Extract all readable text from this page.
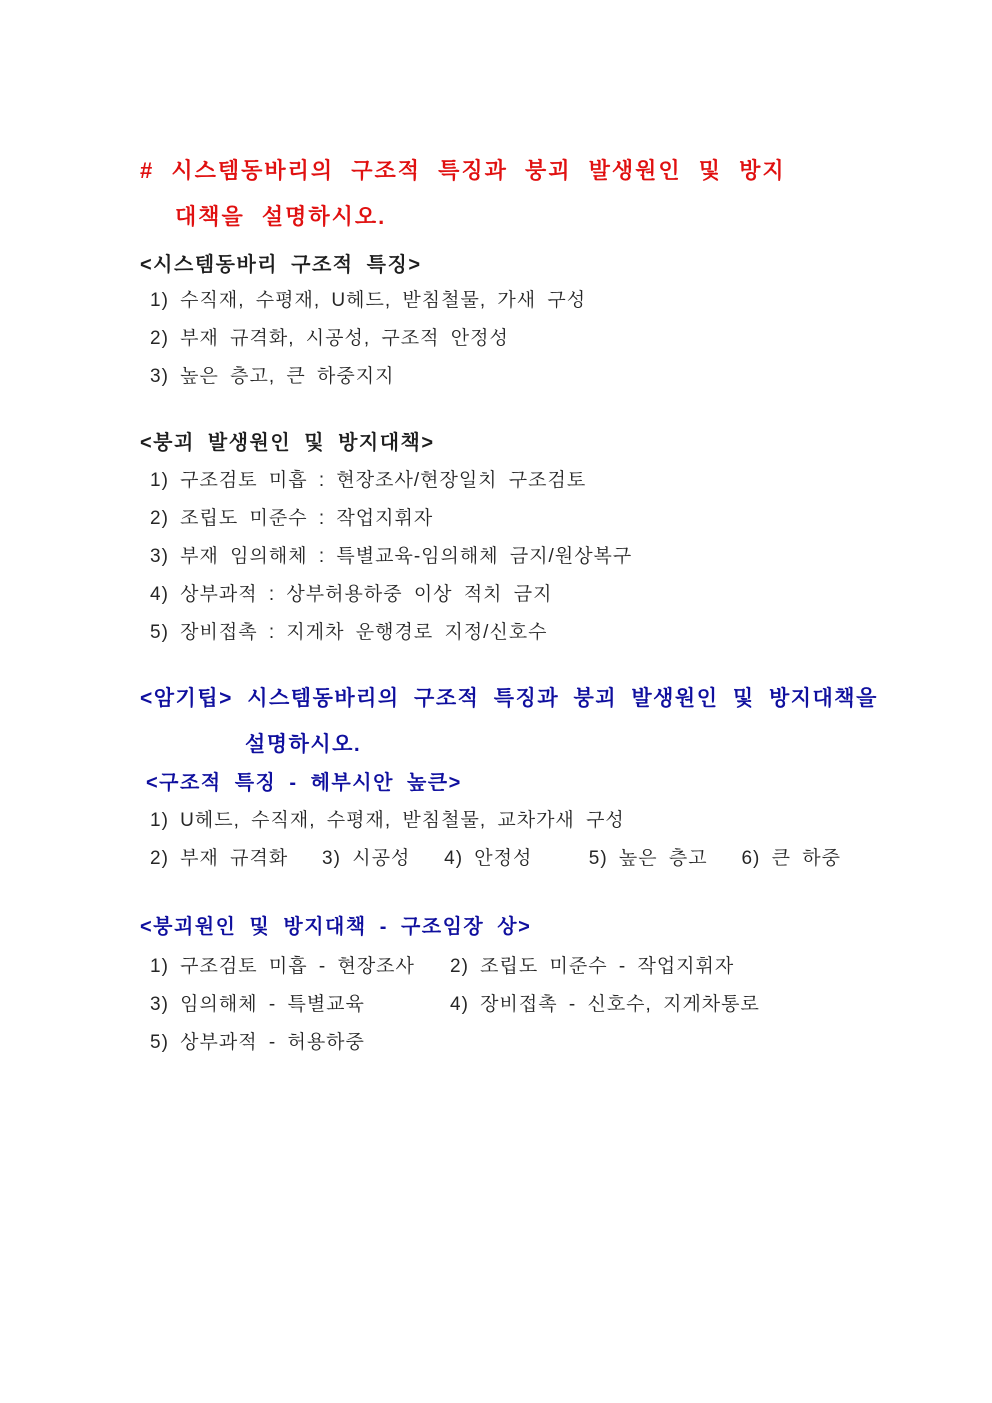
# 시스템동바리의 구조적 특징과 붕괴 발생원인 및 방지
대책을 설명하시오.
<시스템동바리 구조적 특징>
1) 수직재, 수평재, U헤드, 받침철물, 가새 구성
2) 부재 규격화, 시공성, 구조적 안정성
3) 높은 층고, 큰 하중지지
<붕괴 발생원인 및 방지대책>
1) 구조검토 미흡 : 현장조사/현장일치 구조검토
2) 조립도 미준수 : 작업지휘자
3) 부재 임의해체 : 특별교육-임의해체 금지/원상복구
4) 상부과적 : 상부허용하중 이상 적치 금지
5) 장비접촉 : 지게차 운행경로 지정/신호수
<암기팁> 시스템동바리의 구조적 특징과 붕괴 발생원인 및 방지대책을
설명하시오.
<구조적 특징 - 헤부시안 높큰>
1) U헤드, 수직재, 수평재, 받침철물, 교차가새 구성
2) 부재 규격화   3) 시공성   4) 안정성     5) 높은 층고   6) 큰 하중
<붕괴원인 및 방지대책 - 구조임장 상>
1) 구조검토 미흡 - 현장조사	2) 조립도 미준수 - 작업지휘자
3) 임의해체 - 특별교육	4) 장비접촉 - 신호수, 지게차통로
5) 상부과적 - 허용하중
